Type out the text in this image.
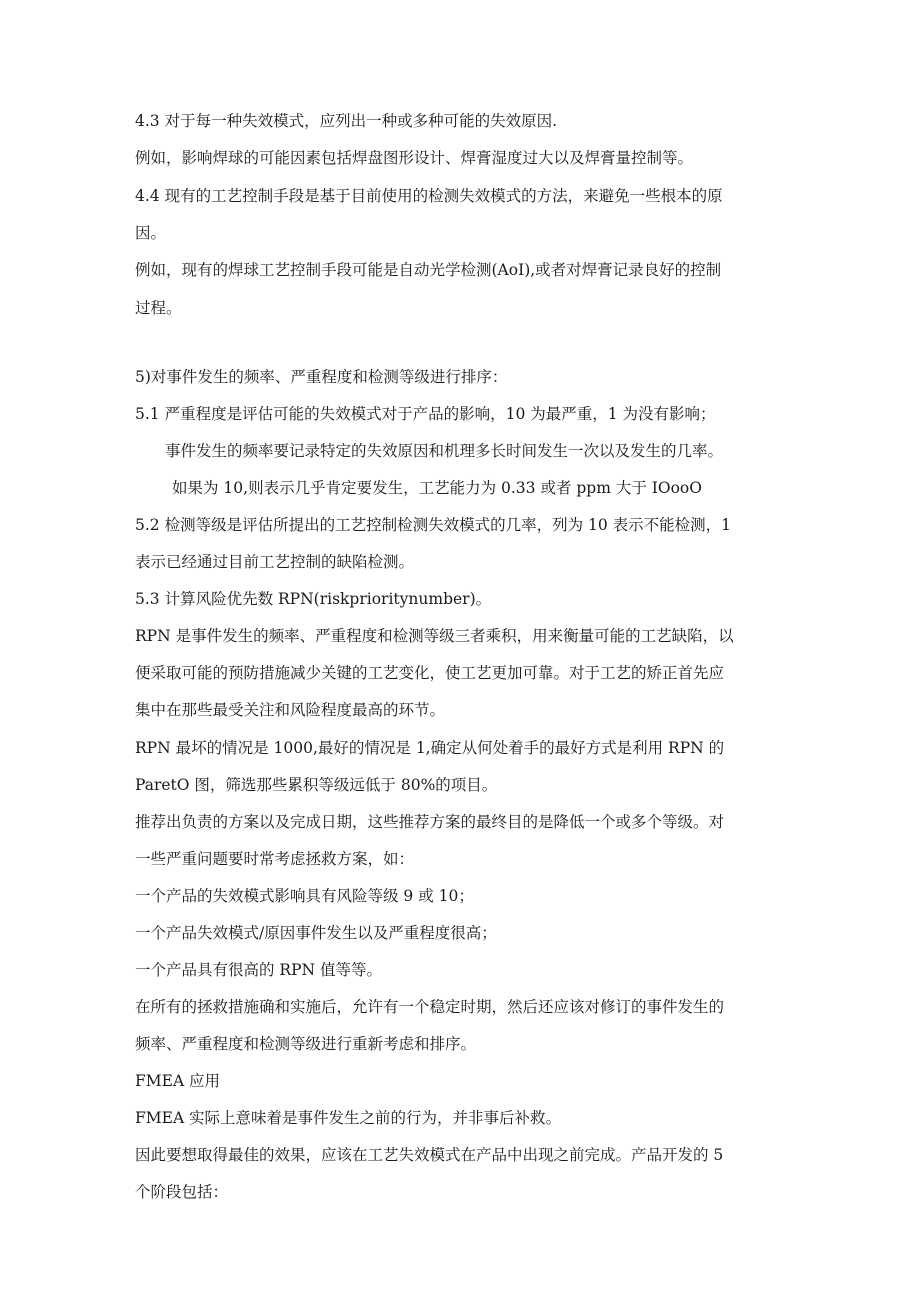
4.3 对于每一种失效模式，应列出一种或多种可能的失效原因.
例如，影响焊球的可能因素包括焊盘图形设计、焊膏湿度过大以及焊膏量控制等。
4.4 现有的工艺控制手段是基于目前使用的检测失效模式的方法，来避免一些根本的原
因。
例如，现有的焊球工艺控制手段可能是自动光学检测(AoI),或者对焊膏记录良好的控制
过程。
5)对事件发生的频率、严重程度和检测等级进行排序：
5.1 严重程度是评估可能的失效模式对于产品的影响，10 为最严重，1 为没有影响；
事件发生的频率要记录特定的失效原因和机理多长时间发生一次以及发生的几率。
如果为 10,则表示几乎肯定要发生，工艺能力为 0.33 或者 ppm 大于 IOooO
5.2 检测等级是评估所提出的工艺控制检测失效模式的几率，列为 10 表示不能检测，1
表示已经通过目前工艺控制的缺陷检测。
5.3 计算风险优先数 RPN(riskprioritynumber)。
RPN 是事件发生的频率、严重程度和检测等级三者乘积，用来衡量可能的工艺缺陷，以
便采取可能的预防措施减少关键的工艺变化，使工艺更加可靠。对于工艺的矫正首先应
集中在那些最受关注和风险程度最高的环节。
RPN 最坏的情况是 1000,最好的情况是 1,确定从何处着手的最好方式是利用 RPN 的
ParetO 图，筛选那些累积等级远低于 80%的项目。
推荐出负责的方案以及完成日期，这些推荐方案的最终目的是降低一个或多个等级。对
一些严重问题要时常考虑拯救方案，如：
一个产品的失效模式影响具有风险等级 9 或 10；
一个产品失效模式/原因事件发生以及严重程度很高；
一个产品具有很高的 RPN 值等等。
在所有的拯救措施确和实施后，允许有一个稳定时期，然后还应该对修订的事件发生的
频率、严重程度和检测等级进行重新考虑和排序。
FMEA 应用
FMEA 实际上意味着是事件发生之前的行为，并非事后补救。
因此要想取得最佳的效果，应该在工艺失效模式在产品中出现之前完成。产品开发的 5
个阶段包括：
